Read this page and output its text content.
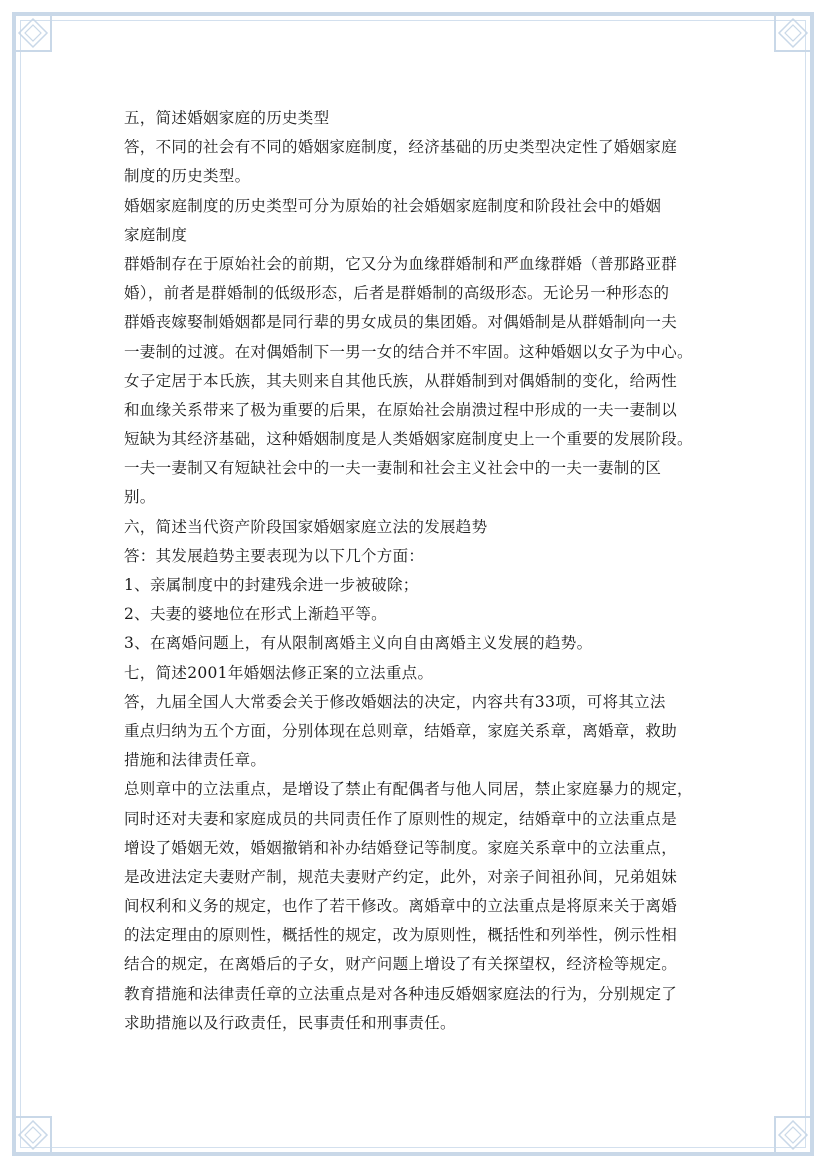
五，简述婚姻家庭的历史类型
答，不同的社会有不同的婚姻家庭制度，经济基础的历史类型决定性了婚姻家庭
制度的历史类型。
婚姻家庭制度的历史类型可分为原始的社会婚姻家庭制度和阶段社会中的婚姻
家庭制度
群婚制存在于原始社会的前期，它又分为血缘群婚制和严血缘群婚（普那路亚群
婚），前者是群婚制的低级形态，后者是群婚制的高级形态。无论另一种形态的
群婚丧嫁娶制婚姻都是同行辈的男女成员的集团婚。对偶婚制是从群婚制向一夫
一妻制的过渡。在对偶婚制下一男一女的结合并不牢固。这种婚姻以女子为中心。
女子定居于本氏族，其夫则来自其他氏族，从群婚制到对偶婚制的变化，给两性
和血缘关系带来了极为重要的后果，在原始社会崩溃过程中形成的一夫一妻制以
短缺为其经济基础，这种婚姻制度是人类婚姻家庭制度史上一个重要的发展阶段。
一夫一妻制又有短缺社会中的一夫一妻制和社会主义社会中的一夫一妻制的区
别。
六，简述当代资产阶段国家婚姻家庭立法的发展趋势
答：其发展趋势主要表现为以下几个方面：
1、亲属制度中的封建残余进一步被破除；
2、夫妻的婆地位在形式上渐趋平等。
3、在离婚问题上，有从限制离婚主义向自由离婚主义发展的趋势。
七，简述2001年婚姻法修正案的立法重点。
答，九届全国人大常委会关于修改婚姻法的决定，内容共有33项，可将其立法
重点归纳为五个方面，分别体现在总则章，结婚章，家庭关系章，离婚章，救助
措施和法律责任章。
总则章中的立法重点，是增设了禁止有配偶者与他人同居，禁止家庭暴力的规定，
同时还对夫妻和家庭成员的共同责任作了原则性的规定，结婚章中的立法重点是
增设了婚姻无效，婚姻撤销和补办结婚登记等制度。家庭关系章中的立法重点，
是改进法定夫妻财产制，规范夫妻财产约定，此外，对亲子间祖孙间，兄弟姐妹
间权利和义务的规定，也作了若干修改。离婚章中的立法重点是将原来关于离婚
的法定理由的原则性，概括性的规定，改为原则性，概括性和列举性，例示性相
结合的规定，在离婚后的子女，财产问题上增设了有关探望权，经济检等规定。
教育措施和法律责任章的立法重点是对各种违反婚姻家庭法的行为，分别规定了
求助措施以及行政责任，民事责任和刑事责任。
